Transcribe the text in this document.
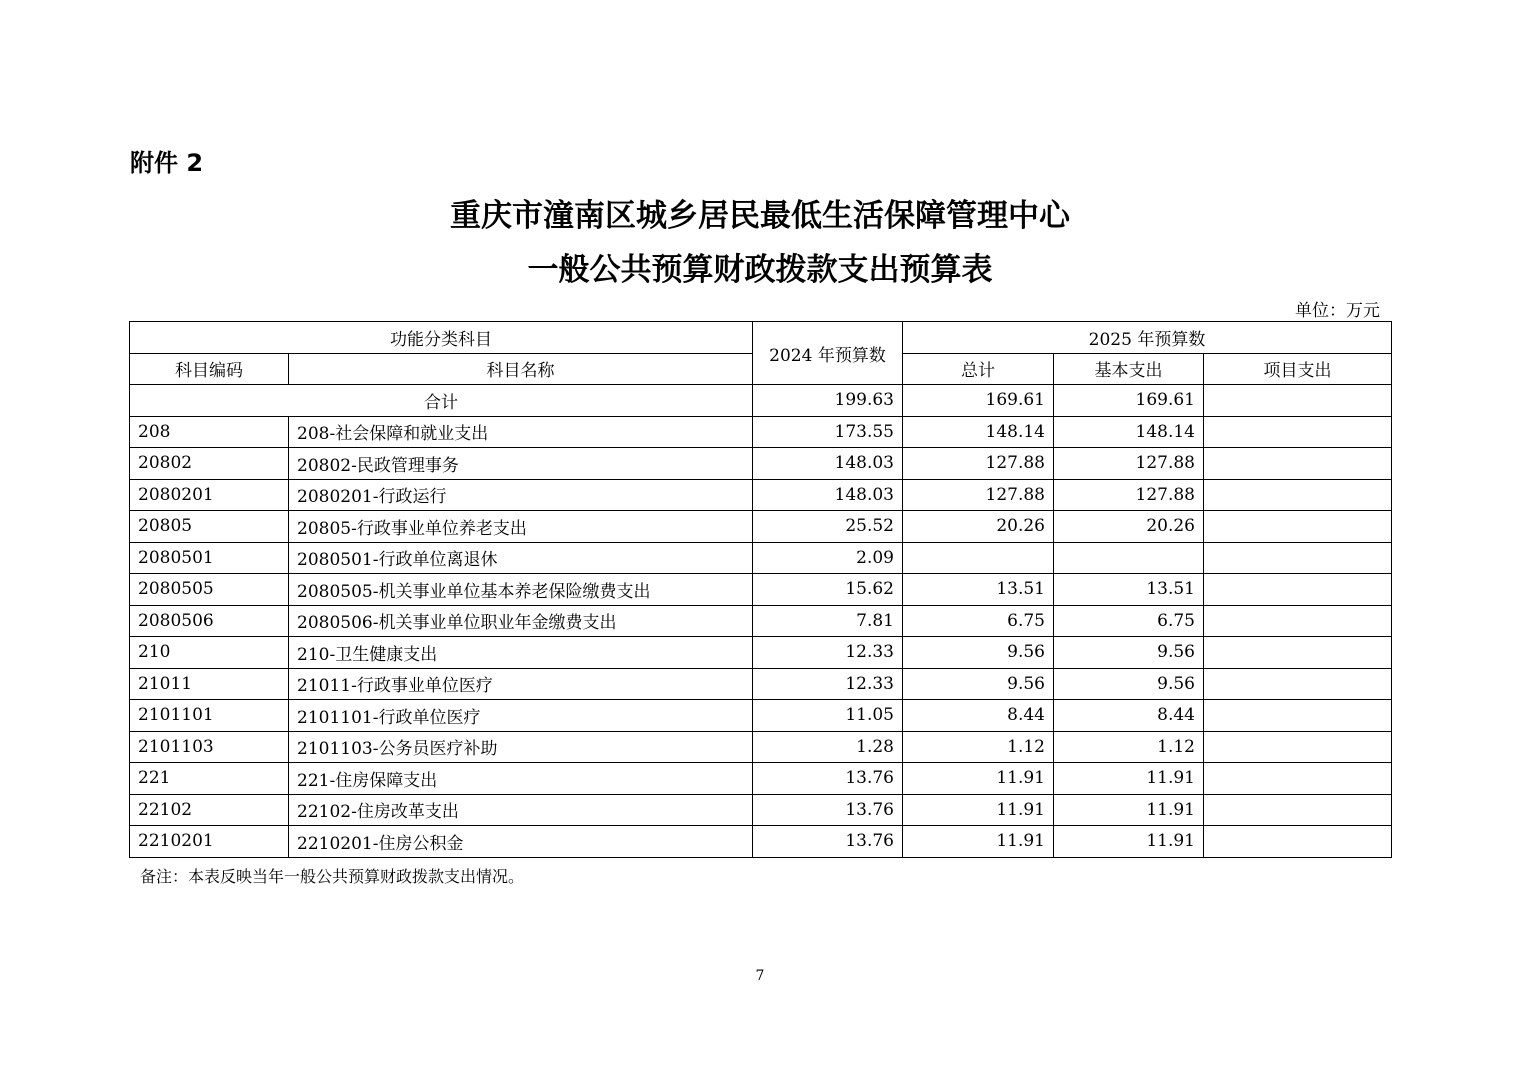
附件 2
重庆市潼南区城乡居民最低生活保障管理中心
一般公共预算财政拨款支出预算表
单位：万元
功能分类科目		2024 年预算数	2025 年预算数		
科目编码	科目名称		总计	基本支出	项目支出
合计		199.63	169.61	169.61	
208	208-社会保障和就业支出	173.55	148.14	148.14	
20802	20802-民政管理事务	148.03	127.88	127.88	
2080201	2080201-行政运行	148.03	127.88	127.88	
20805	20805-行政事业单位养老支出	25.52	20.26	20.26	
2080501	2080501-行政单位离退休	2.09			
2080505	2080505-机关事业单位基本养老保险缴费支出	15.62	13.51	13.51	
2080506	2080506-机关事业单位职业年金缴费支出	7.81	6.75	6.75	
210	210-卫生健康支出	12.33	9.56	9.56	
21011	21011-行政事业单位医疗	12.33	9.56	9.56	
2101101	2101101-行政单位医疗	11.05	8.44	8.44	
2101103	2101103-公务员医疗补助	1.28	1.12	1.12	
221	221-住房保障支出	13.76	11.91	11.91	
22102	22102-住房改革支出	13.76	11.91	11.91	
2210201	2210201-住房公积金	13.76	11.91	11.91	
备注：本表反映当年一般公共预算财政拨款支出情况。
7
